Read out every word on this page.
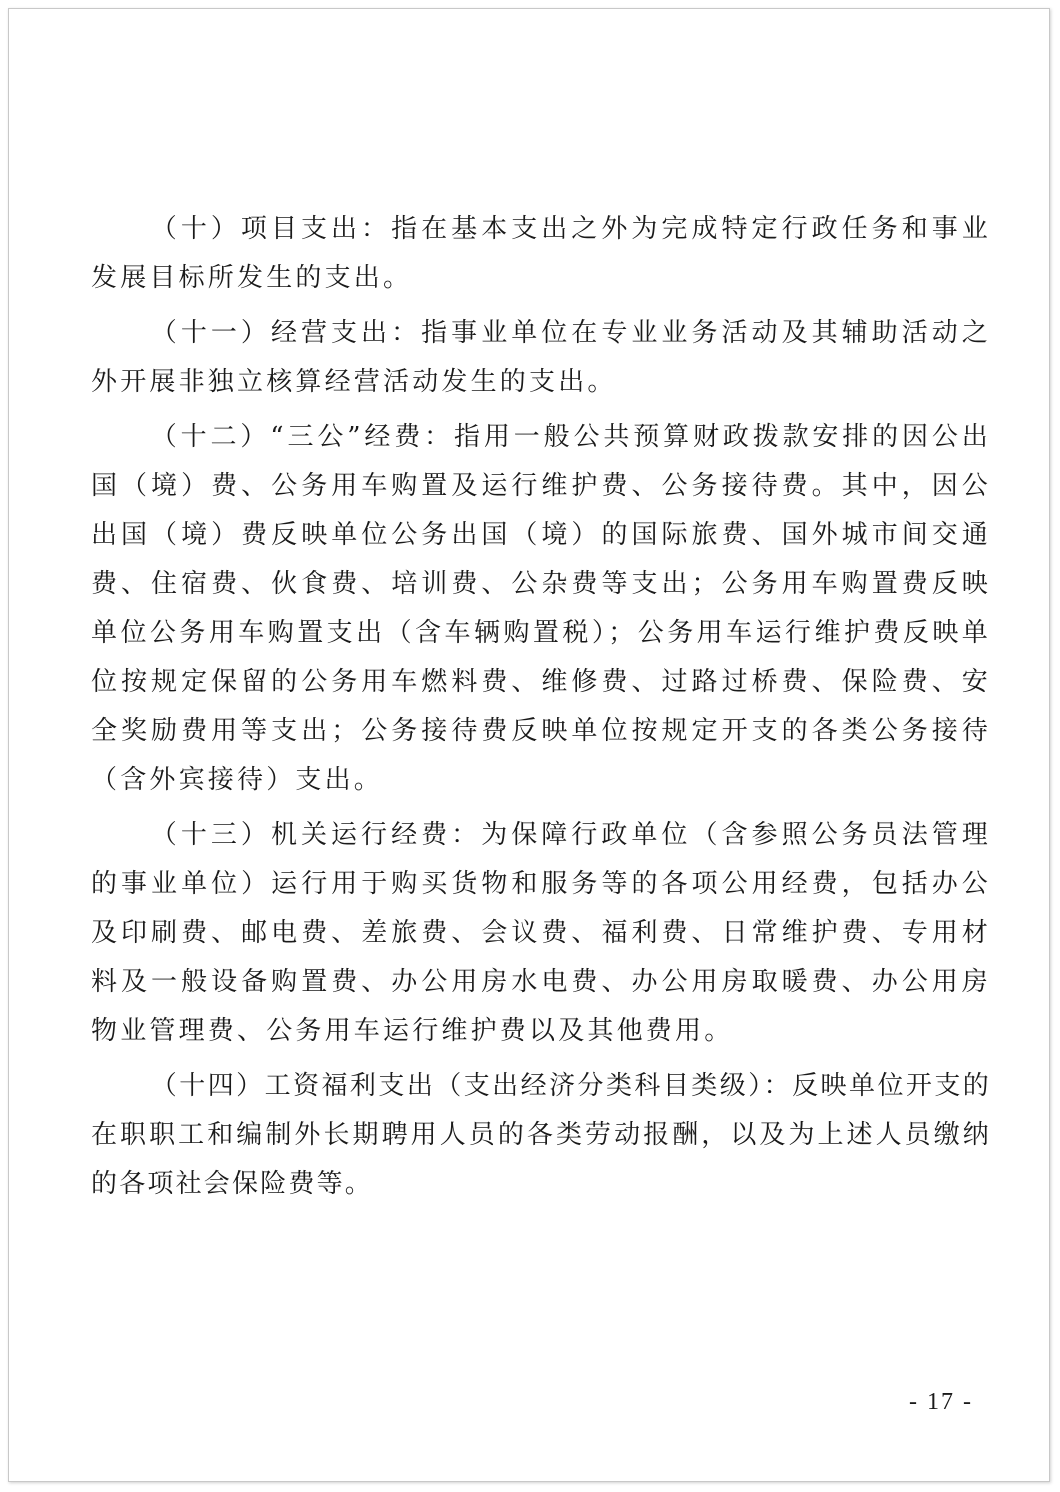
（十）项目支出：指在基本支出之外为完成特定行政任务和事业发展目标所发生的支出。

（十一）经营支出：指事业单位在专业业务活动及其辅助活动之外开展非独立核算经营活动发生的支出。

（十二）“三公”经费：指用一般公共预算财政拨款安排的因公出国（境）费、公务用车购置及运行维护费、公务接待费。其中，因公出国（境）费反映单位公务出国（境）的国际旅费、国外城市间交通费、住宿费、伙食费、培训费、公杂费等支出；公务用车购置费反映单位公务用车购置支出（含车辆购置税）；公务用车运行维护费反映单位按规定保留的公务用车燃料费、维修费、过路过桥费、保险费、安全奖励费用等支出；公务接待费反映单位按规定开支的各类公务接待（含外宾接待）支出。

（十三）机关运行经费：为保障行政单位（含参照公务员法管理的事业单位）运行用于购买货物和服务等的各项公用经费，包括办公及印刷费、邮电费、差旅费、会议费、福利费、日常维护费、专用材料及一般设备购置费、办公用房水电费、办公用房取暖费、办公用房物业管理费、公务用车运行维护费以及其他费用。

（十四）工资福利支出（支出经济分类科目类级）：反映单位开支的在职职工和编制外长期聘用人员的各类劳动报酬，以及为上述人员缴纳的各项社会保险费等。

- 17 -
